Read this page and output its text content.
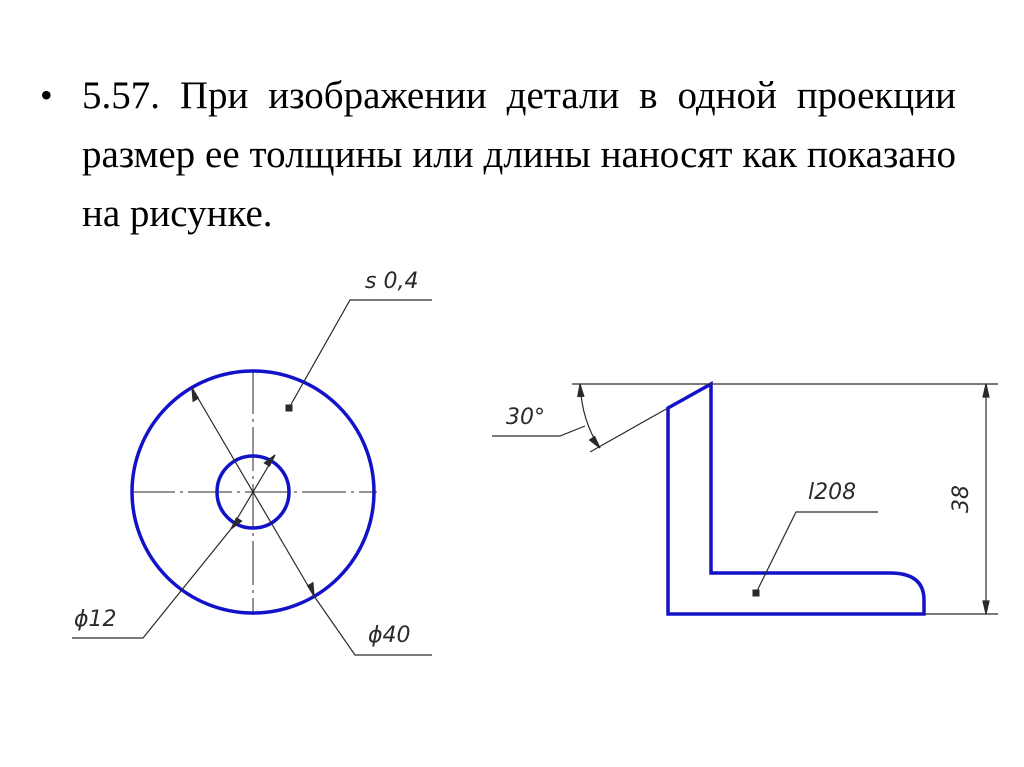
• 5.57. При изображении детали в одной проекции размер ее толщины или длины наносят как показано на рисунке.
s 0,4
ϕ12
ϕ40
30°
38
l208
